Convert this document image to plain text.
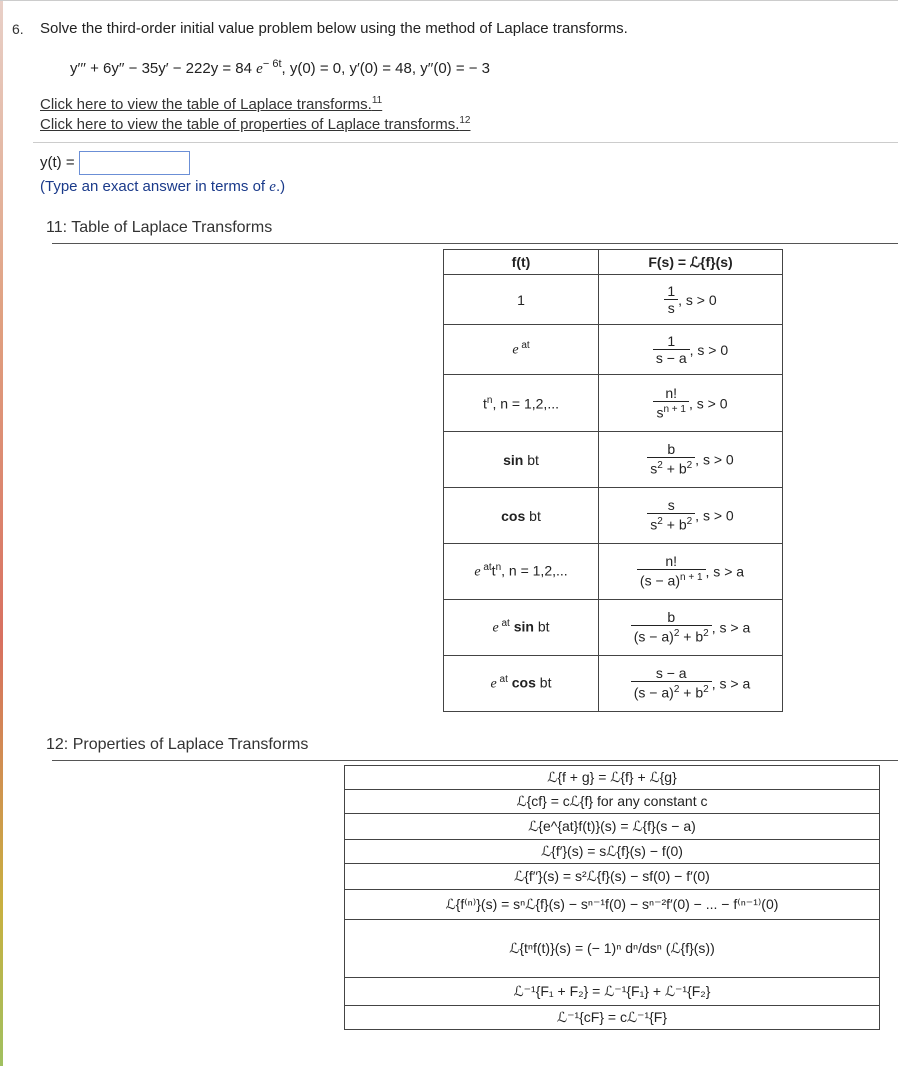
6. Solve the third-order initial value problem below using the method of Laplace transforms.
y′′′ + 6y′′ − 35y′ − 222y = 84 $e^{- 6t}$, y(0) = 0, y′(0) = 48, y′′(0) = − 3
Click here to view the table of Laplace transforms.$^{11}$
Click here to view the table of properties of Laplace transforms.$^{12}$
y(t) =
(Type an exact answer in terms of e.)
11: Table of Laplace Transforms
f(t)	F(s) = ℒ{f}(s)
1	$\frac{1}{s}$ , s > 0
e $^{at}$	$\frac{1}{s - a}$ , s > 0
$t^n$, n = 1,2,...	$\frac{n!}{s^{n + 1}}$ , s > 0
sin bt	$\frac{b}{s^2 + b^2}$ , s > 0
cos bt	$\frac{s}{s^2 + b^2}$ , s > 0
e $^{at}t^n$, n = 1,2,...	$\frac{n!}{(s - a)^{n + 1}}$ , s > a
e $^{at}$ sin bt	$\frac{b}{(s - a)^2 + b^2}$ , s > a
e $^{at}$ cos bt	$\frac{s - a}{(s - a)^2 + b^2}$ , s > a
12: Properties of Laplace Transforms
ℒ{f + g} = ℒ{f} + ℒ{g}
ℒ{cf} = cℒ{f} for any constant c
ℒ{e^{at}f(t)}(s) = ℒ{f}(s − a)
ℒ{f′}(s) = sℒ{f}(s) − f(0)
ℒ{f′′}(s) = s²ℒ{f}(s) − sf(0) − f′(0)
ℒ{f⁽ⁿ⁾}(s) = sⁿℒ{f}(s) − sⁿ⁻¹f(0) − sⁿ⁻²f′(0) − ... − f⁽ⁿ⁻¹⁾(0)
ℒ{tⁿf(t)}(s) = (− 1)ⁿ dⁿ/dsⁿ (ℒ{f}(s))
ℒ⁻¹{F₁ + F₂} = ℒ⁻¹{F₁} + ℒ⁻¹{F₂}
ℒ⁻¹{cF} = cℒ⁻¹{F}
